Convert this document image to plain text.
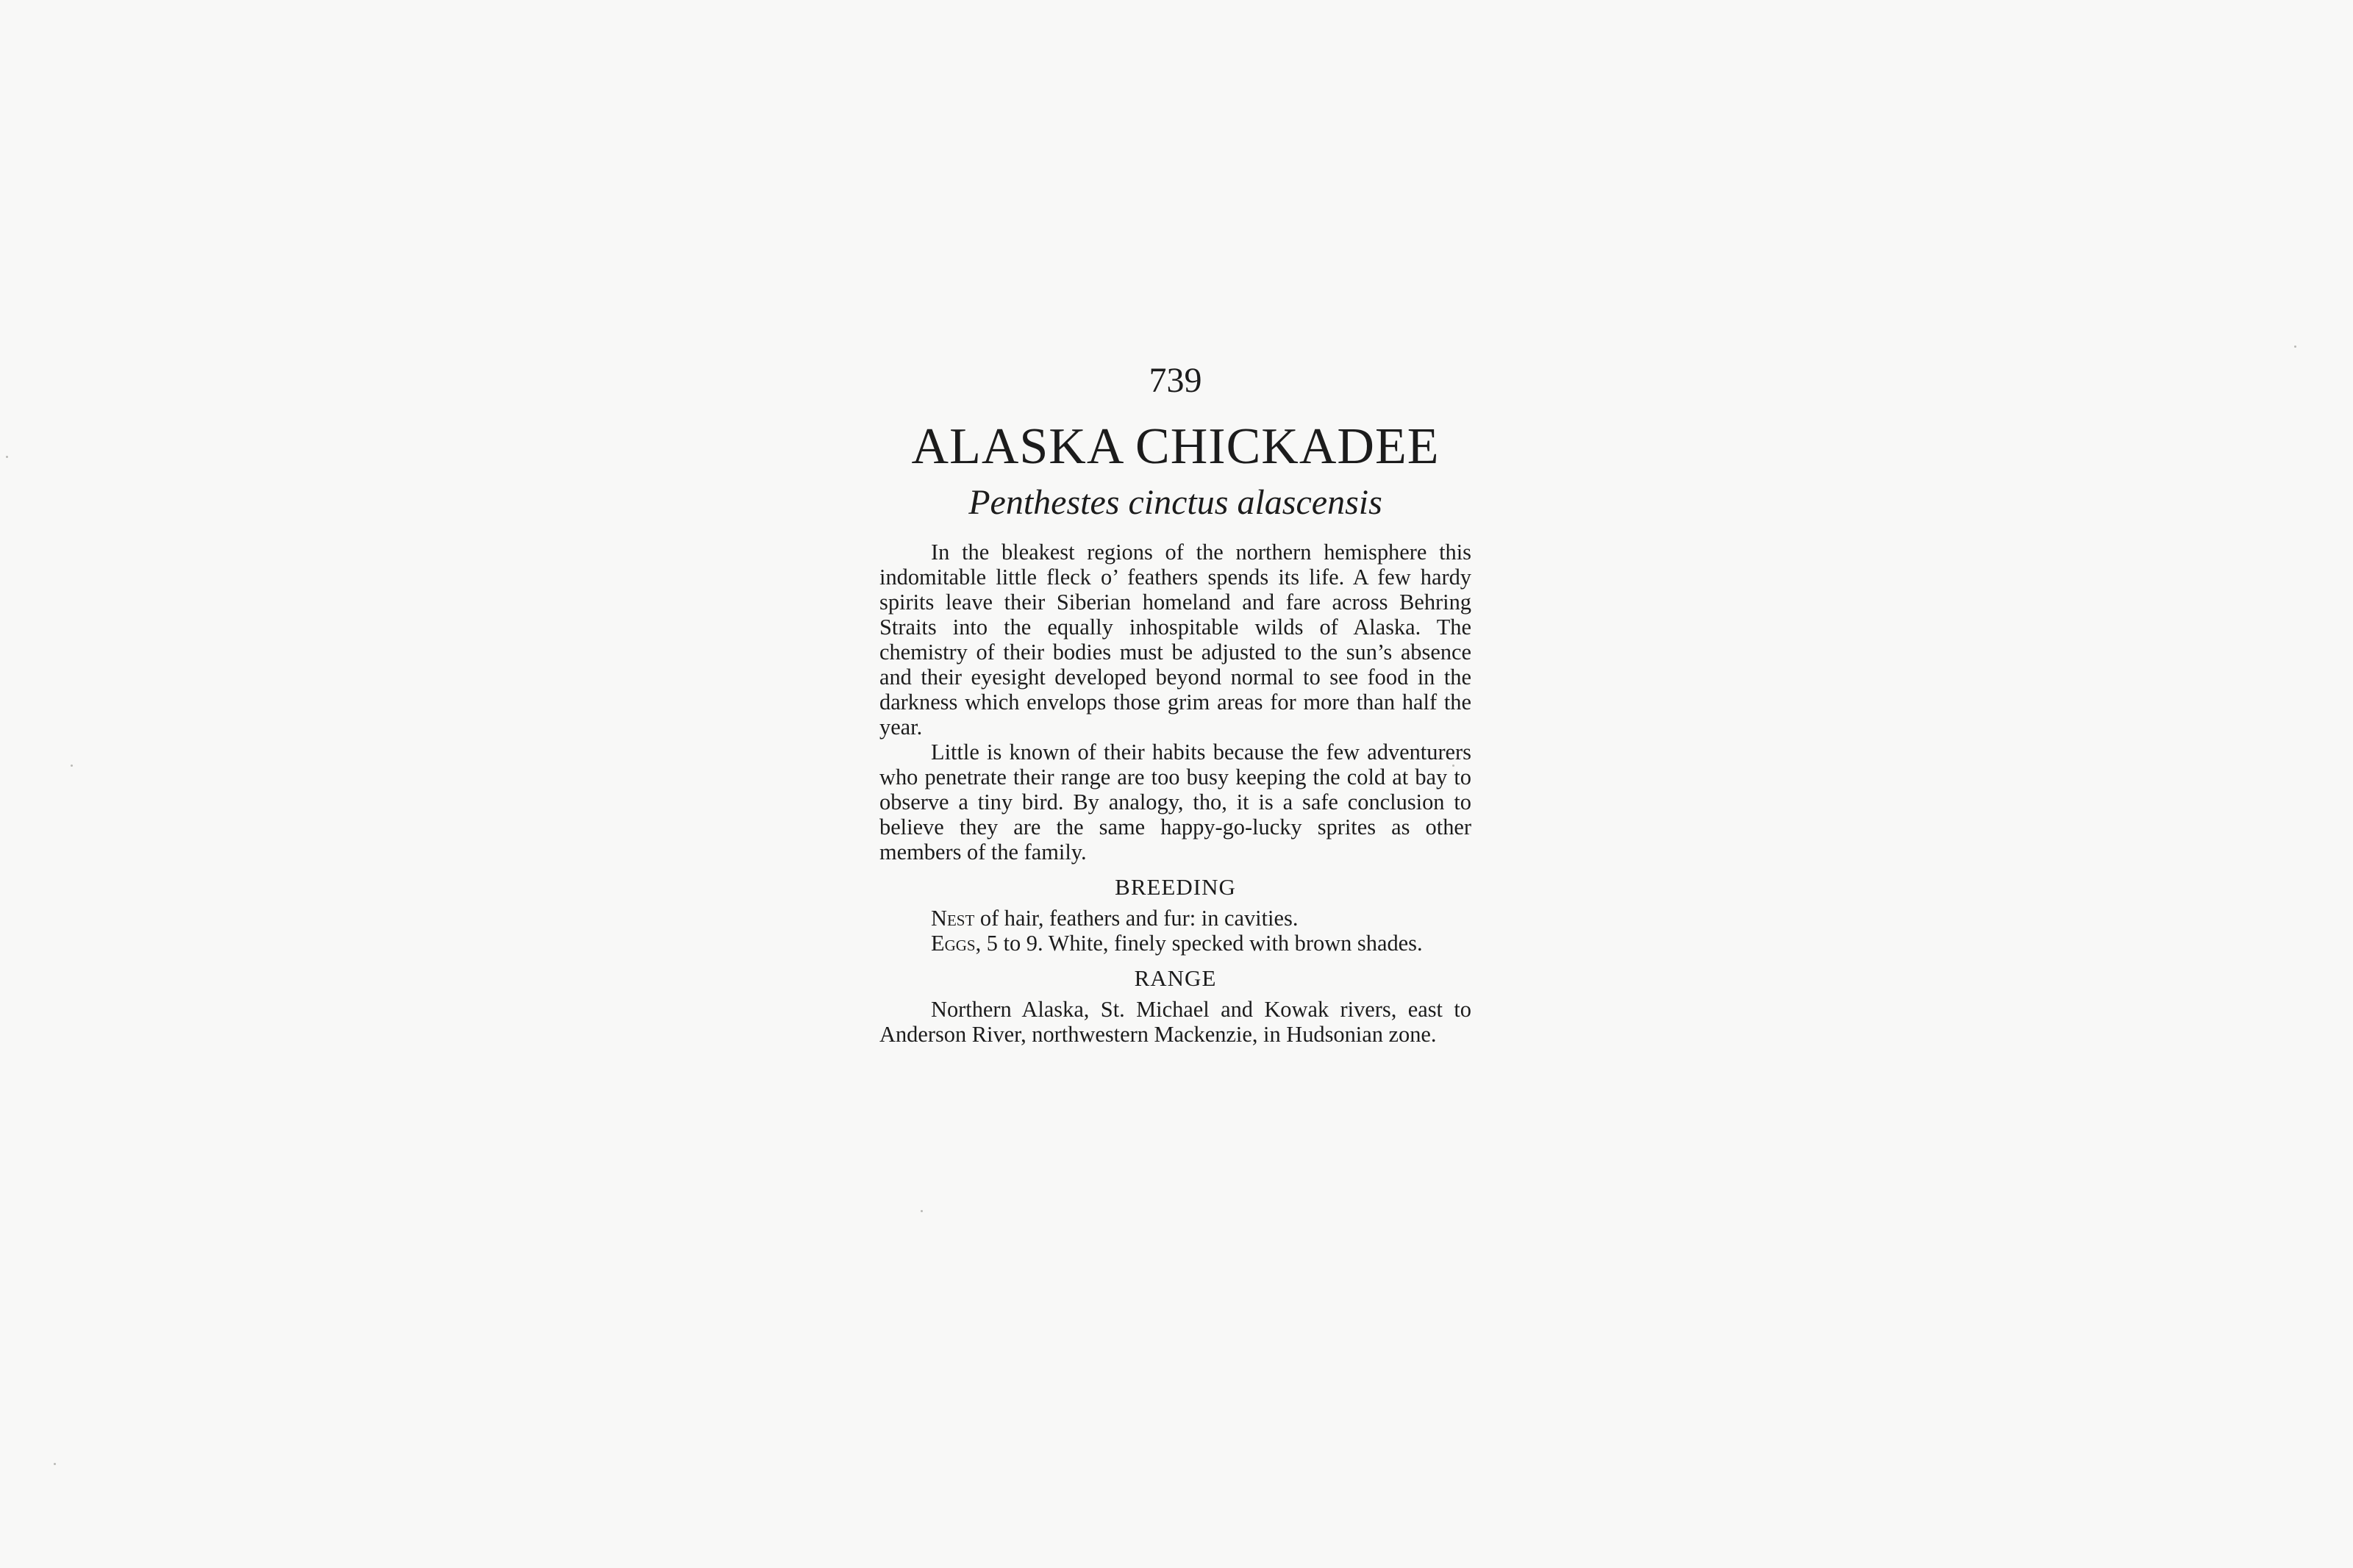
739
ALASKA CHICKADEE
Penthestes cinctus alascensis

In the bleakest regions of the northern hemisphere this indomitable little fleck o’ feathers spends its life. A few hardy spirits leave their Siberian homeland and fare across Behring Straits into the equally inhospitable wilds of Alaska. The chemistry of their bodies must be adjusted to the sun’s absence and their eyesight developed beyond normal to see food in the darkness which envelops those grim areas for more than half the year.

Little is known of their habits because the few adventurers who penetrate their range are too busy keeping the cold at bay to observe a tiny bird. By analogy, tho, it is a safe conclusion to believe they are the same happy-go-lucky sprites as other members of the family.

BREEDING

Nest of hair, feathers and fur: in cavities.

Eggs, 5 to 9. White, finely specked with brown shades.

RANGE

Northern Alaska, St. Michael and Kowak rivers, east to Anderson River, northwestern Mackenzie, in Hudsonian zone.
